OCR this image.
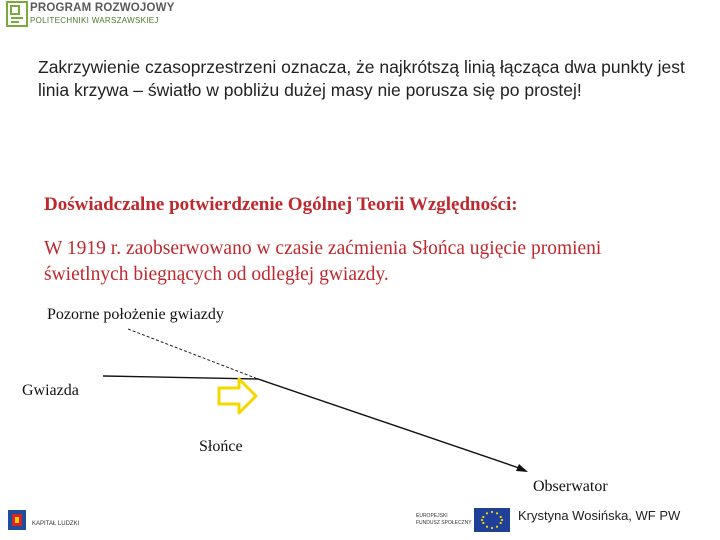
PROGRAM ROZWOJOWY
POLITECHNIKI WARSZAWSKIEJ
Zakrzywienie czasoprzestrzeni oznacza, że najkrótszą linią łącząca dwa punkty jest linia krzywa – światło w pobliżu dużej masy nie porusza się po prostej!
Doświadczalne potwierdzenie Ogólnej Teorii Względności:
W 1919 r. zaobserwowano w czasie zaćmienia Słońca ugięcie promieni świetlnych biegnących od odległej gwiazdy.
Pozorne położenie gwiazdy
Gwiazda
Słońce
Obserwator
KAPITAŁ LUDZKI
EUROPEJSKI
FUNDUSZ SPOŁECZNY	Krystyna Wosińska, WF PW
